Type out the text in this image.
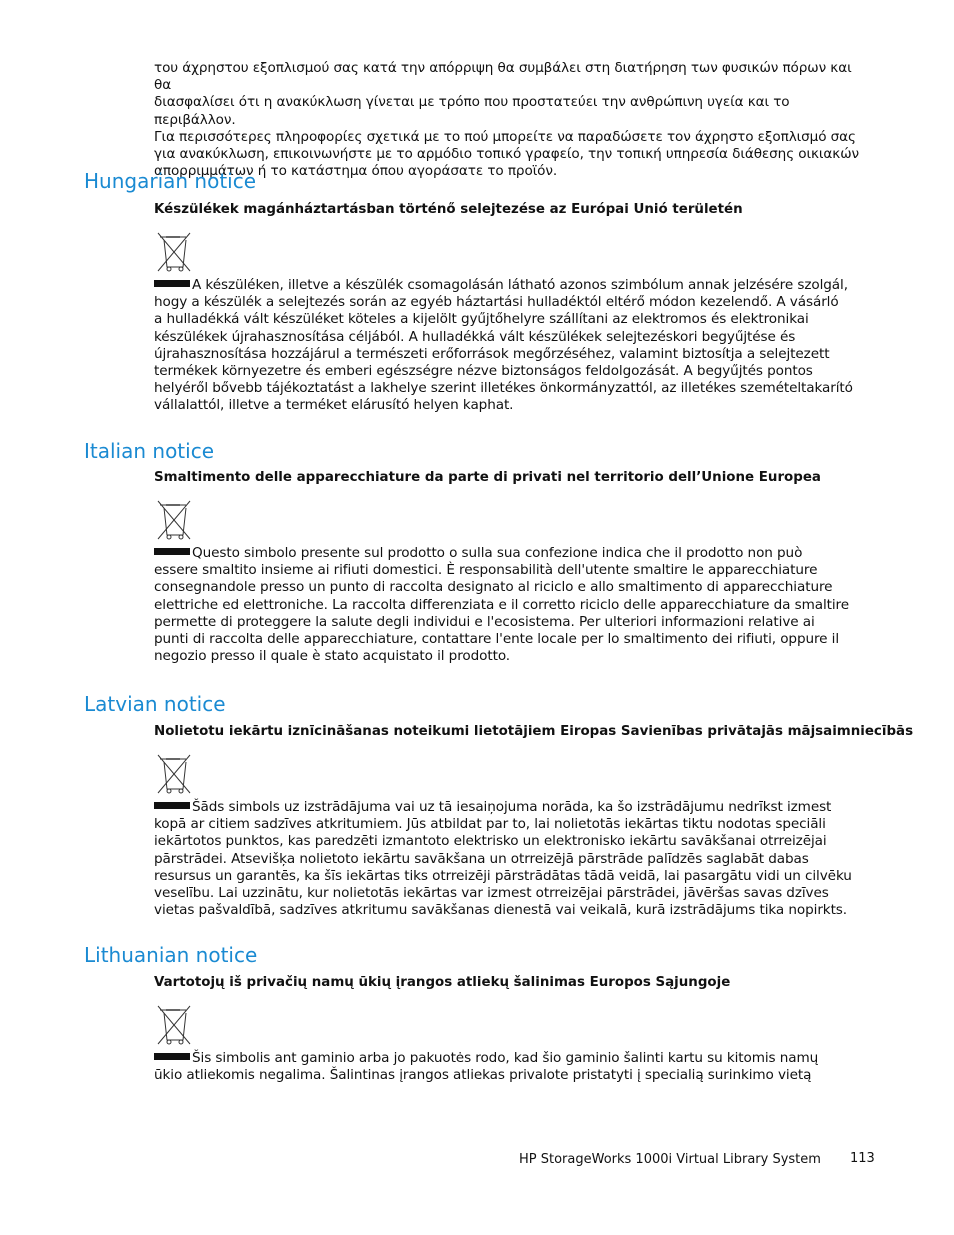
του άχρηστου εξοπλισμού σας κατά την απόρριψη θα συμβάλει στη διατήρηση των φυσικών πόρων και θα
διασφαλίσει ότι η ανακύκλωση γίνεται με τρόπο που προστατεύει την ανθρώπινη υγεία και το περιβάλλον.
Για περισσότερες πληροφορίες σχετικά με το πού μπορείτε να παραδώσετε τον άχρηστο εξοπλισμό σας
για ανακύκλωση, επικοινωνήστε με το αρμόδιο τοπικό γραφείο, την τοπική υπηρεσία διάθεσης οικιακών
απορριμμάτων ή το κατάστημα όπου αγοράσατε το προϊόν.
Hungarian notice
Készülékek magánháztartásban történő selejtezése az Európai Unió területén
A készüléken, illetve a készülék csomagolásán látható azonos szimbólum annak jelzésére szolgál,
hogy a készülék a selejtezés során az egyéb háztartási hulladéktól eltérő módon kezelendő. A vásárló
a hulladékká vált készüléket köteles a kijelölt gyűjtőhelyre szállítani az elektromos és elektronikai
készülékek újrahasznosítása céljából. A hulladékká vált készülékek selejtezéskori begyűjtése és
újrahasznosítása hozzájárul a természeti erőforrások megőrzéséhez, valamint biztosítja a selejtezett
termékek környezetre és emberi egészségre nézve biztonságos feldolgozását. A begyűjtés pontos
helyéről bővebb tájékoztatást a lakhelye szerint illetékes önkormányzattól, az illetékes szemételtakarító
vállalattól, illetve a terméket elárusító helyen kaphat.
Italian notice
Smaltimento delle apparecchiature da parte di privati nel territorio dell’Unione Europea
Questo simbolo presente sul prodotto o sulla sua confezione indica che il prodotto non può
essere smaltito insieme ai rifiuti domestici. È responsabilità dell'utente smaltire le apparecchiature
consegnandole presso un punto di raccolta designato al riciclo e allo smaltimento di apparecchiature
elettriche ed elettroniche. La raccolta differenziata e il corretto riciclo delle apparecchiature da smaltire
permette di proteggere la salute degli individui e l'ecosistema. Per ulteriori informazioni relative ai
punti di raccolta delle apparecchiature, contattare l'ente locale per lo smaltimento dei rifiuti, oppure il
negozio presso il quale è stato acquistato il prodotto.
Latvian notice
Nolietotu iekārtu iznīcināšanas noteikumi lietotājiem Eiropas Savienības privātajās mājsaimniecībās
Šāds simbols uz izstrādājuma vai uz tā iesaiņojuma norāda, ka šo izstrādājumu nedrīkst izmest
kopā ar citiem sadzīves atkritumiem. Jūs atbildat par to, lai nolietotās iekārtas tiktu nodotas speciāli
iekārtotos punktos, kas paredzēti izmantoto elektrisko un elektronisko iekārtu savākšanai otrreizējai
pārstrādei. Atsevišķa nolietoto iekārtu savākšana un otrreizējā pārstrāde palīdzēs saglabāt dabas
resursus un garantēs, ka šīs iekārtas tiks otrreizēji pārstrādātas tādā veidā, lai pasargātu vidi un cilvēku
veselību. Lai uzzinātu, kur nolietotās iekārtas var izmest otrreizējai pārstrādei, jāvēršas savas dzīves
vietas pašvaldībā, sadzīves atkritumu savākšanas dienestā vai veikalā, kurā izstrādājums tika nopirkts.
Lithuanian notice
Vartotojų iš privačių namų ūkių įrangos atliekų šalinimas Europos Sąjungoje
Šis simbolis ant gaminio arba jo pakuotės rodo, kad šio gaminio šalinti kartu su kitomis namų
ūkio atliekomis negalima. Šalintinas įrangos atliekas privalote pristatyti į specialią surinkimo vietą
HP StorageWorks 1000i Virtual Library System 113
